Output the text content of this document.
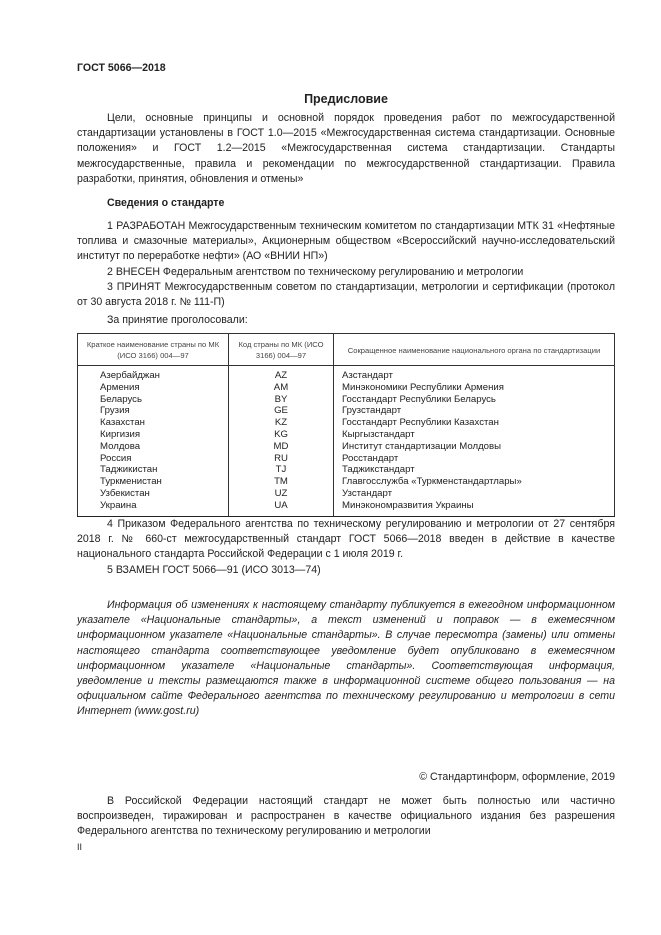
ГОСТ 5066—2018
Предисловие

Цели, основные принципы и основной порядок проведения работ по межгосударственной стандартизации установлены в ГОСТ 1.0—2015 «Межгосударственная система стандартизации. Основные положения» и ГОСТ 1.2—2015 «Межгосударственная система стандартизации. Стандарты межгосударственные, правила и рекомендации по межгосударственной стандартизации. Правила разработки, принятия, обновления и отмены»

Сведения о стандарте

1 РАЗРАБОТАН Межгосударственным техническим комитетом по стандартизации МТК 31 «Нефтяные топлива и смазочные материалы», Акционерным обществом «Всероссийский научно-исследовательский институт по переработке нефти» (АО «ВНИИ НП»)

2 ВНЕСЕН Федеральным агентством по техническому регулированию и метрологии

3 ПРИНЯТ Межгосударственным советом по стандартизации, метрологии и сертификации (протокол от 30 августа 2018 г. № 111-П)

За принятие проголосовали:
Краткое наименование страны по МК (ИСО 3166) 004—97	Код страны по МК (ИСО 3166) 004—97	Сокращенное наименование национального органа по стандартизации
Азербайджан	AZ	Азстандарт
Армения	AM	Минэкономики Республики Армения
Беларусь	BY	Госстандарт Республики Беларусь
Грузия	GE	Грузстандарт
Казахстан	KZ	Госстандарт Республики Казахстан
Киргизия	KG	Кыргызстандарт
Молдова	MD	Институт стандартизации Молдовы
Россия	RU	Росстандарт
Таджикистан	TJ	Таджикстандарт
Туркменистан	TM	Главгосслужба «Туркменстандартлары»
Узбекистан	UZ	Узстандарт
Украина	UA	Минэкономразвития Украины

4 Приказом Федерального агентства по техническому регулированию и метрологии от 27 сентября 2018 г. № 660-ст межгосударственный стандарт ГОСТ 5066—2018 введен в действие в качестве национального стандарта Российской Федерации с 1 июля 2019 г.

5 ВЗАМЕН ГОСТ 5066—91 (ИСО 3013—74)

Информация об изменениях к настоящему стандарту публикуется в ежегодном информационном указателе «Национальные стандарты», а текст изменений и поправок — в ежемесячном информационном указателе «Национальные стандарты». В случае пересмотра (замены) или отмены настоящего стандарта соответствующее уведомление будет опубликовано в ежемесячном информационном указателе «Национальные стандарты». Соответствующая информация, уведомление и тексты размещаются также в информационной системе общего пользования — на официальном сайте Федерального агентства по техническому регулированию и метрологии в сети Интернет (www.gost.ru)

© Стандартинформ, оформление, 2019

В Российской Федерации настоящий стандарт не может быть полностью или частично воспроизведен, тиражирован и распространен в качестве официального издания без разрешения Федерального агентства по техническому регулированию и метрологии

II
